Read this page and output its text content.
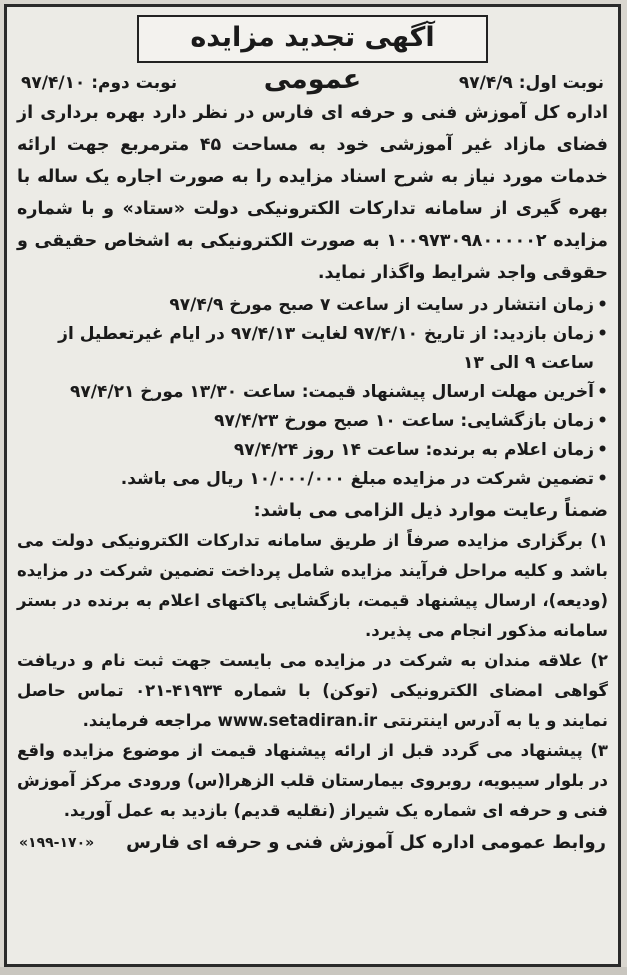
آگهی تجدید مزایده عمومی	نوبت اول: ۹۷/۴/۹
نوبت دوم: ۹۷/۴/۱۰

اداره کل آموزش فنی و حرفه ای فارس در نظر دارد بهره برداری از فضای مازاد غیر آموزشی خود به مساحت ۴۵ مترمربع جهت ارائه خدمات مورد نیاز به شرح اسناد مزایده را به صورت اجاره یک ساله با بهره گیری از سامانه تدارکات الکترونیکی دولت «ستاد» و با شماره مزایده ۱۰۰۹۷۳۰۹۸۰۰۰۰۰۲ به صورت الکترونیکی به اشخاص حقیقی و حقوقی واجد شرایط واگذار نماید.

• زمان انتشار در سایت از ساعت ۷ صبح مورخ ۹۷/۴/۹
• زمان بازدید: از تاریخ ۹۷/۴/۱۰ لغایت ۹۷/۴/۱۳ در ایام غیرتعطیل از ساعت ۹ الی ۱۳
• آخرین مهلت ارسال پیشنهاد قیمت: ساعت ۱۳/۳۰ مورخ ۹۷/۴/۲۱
• زمان بازگشایی: ساعت ۱۰ صبح مورخ ۹۷/۴/۲۳
• زمان اعلام به برنده: ساعت ۱۴ روز ۹۷/۴/۲۴
• تضمین شرکت در مزایده مبلغ ۱۰/۰۰۰/۰۰۰ ریال می باشد.
ضمناً رعایت موارد ذیل الزامی می باشد:

۱) برگزاری مزایده صرفاً از طریق سامانه تدارکات الکترونیکی دولت می باشد و کلیه مراحل فرآیند مزایده شامل پرداخت تضمین شرکت در مزایده (ودیعه)، ارسال پیشنهاد قیمت، بازگشایی پاکتهای اعلام به برنده در بستر سامانه مذکور انجام می پذیرد.

۲) علاقه مندان به شرکت در مزایده می بایست جهت ثبت نام و دریافت گواهی امضای الکترونیکی (توکن) با شماره ۴۱۹۳۴-۰۲۱ تماس حاصل نمایند و یا به آدرس اینترنتی www.setadiran.ir مراجعه فرمایند.

۳) پیشنهاد می گردد قبل از ارائه پیشنهاد قیمت از موضوع مزایده واقع در بلوار سیبویه، روبروی بیمارستان قلب الزهرا(س) ورودی مرکز آموزش فنی و حرفه ای شماره یک شیراز (نقلیه قدیم) بازدید به عمل آورید.

روابط عمومی اداره کل آموزش فنی و حرفه ای فارس
«۱۹۹-۱۷۰»
